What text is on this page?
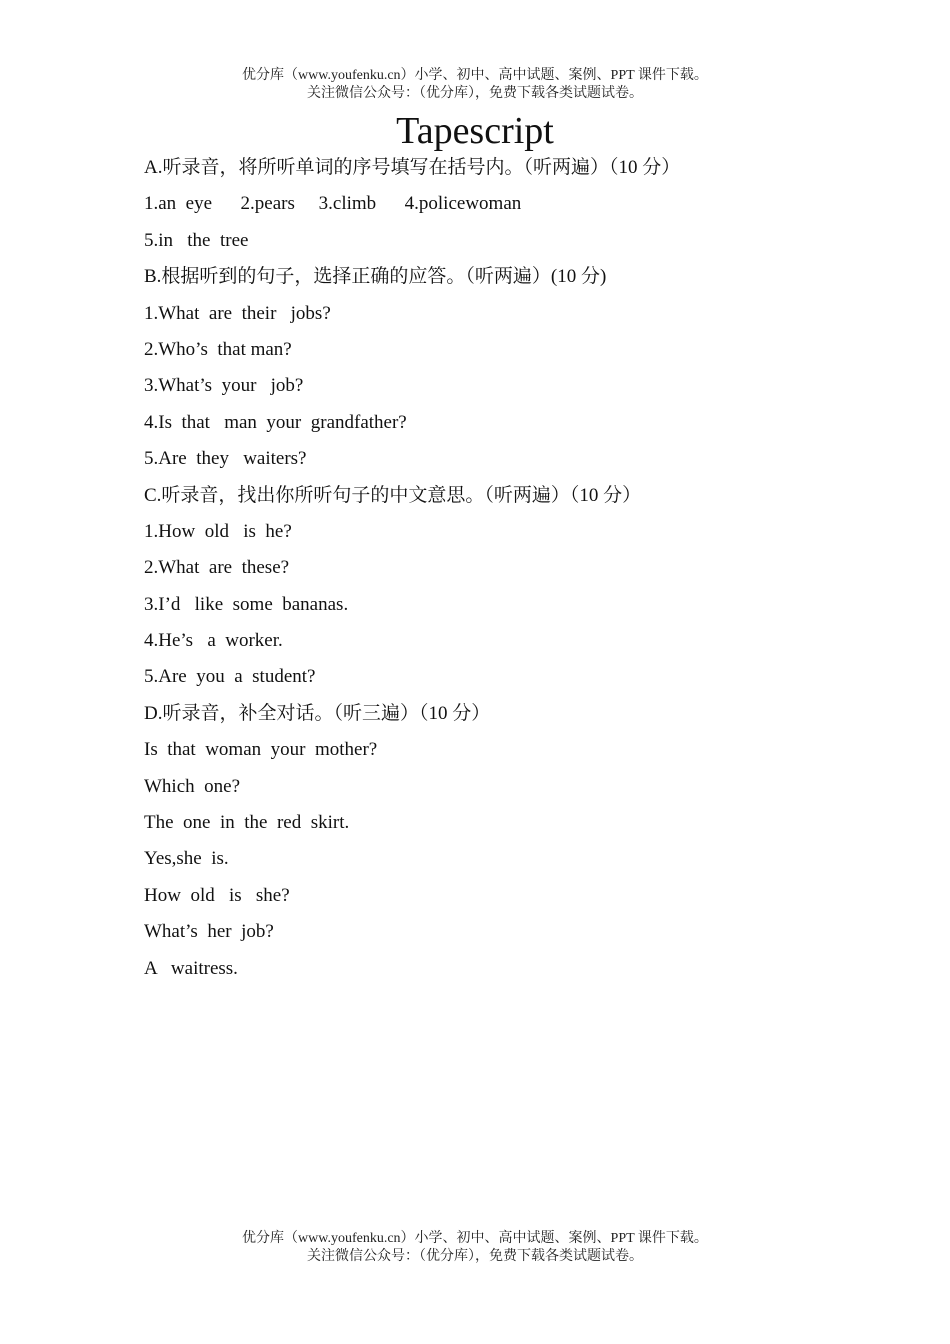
优分库（www.youfenku.cn）小学、初中、高中试题、案例、PPT 课件下载。
关注微信公众号：（优分库），免费下载各类试题试卷。
Tapescript
A.听录音，将所听单词的序号填写在括号内。（听两遍）（10 分）
1.an  eye      2.pears     3.climb      4.policewoman
5.in   the  tree
B.根据听到的句子，选择正确的应答。（听两遍）(10 分)
1.What  are  their   jobs?
2.Who’s  that man?
3.What’s  your   job?
4.Is  that   man  your  grandfather?
5.Are  they   waiters?
C.听录音，找出你所听句子的中文意思。（听两遍）（10 分）
1.How  old   is  he?
2.What  are  these?
3.I’d   like  some  bananas.
4.He’s   a  worker.
5.Are  you  a  student?
D.听录音，补全对话。（听三遍）（10 分）
Is  that  woman  your  mother?
Which  one?
The  one  in  the  red  skirt.
Yes,she  is.
How  old   is   she?
What’s  her  job?
A   waitress.
优分库（www.youfenku.cn）小学、初中、高中试题、案例、PPT 课件下载。
关注微信公众号：（优分库），免费下载各类试题试卷。
